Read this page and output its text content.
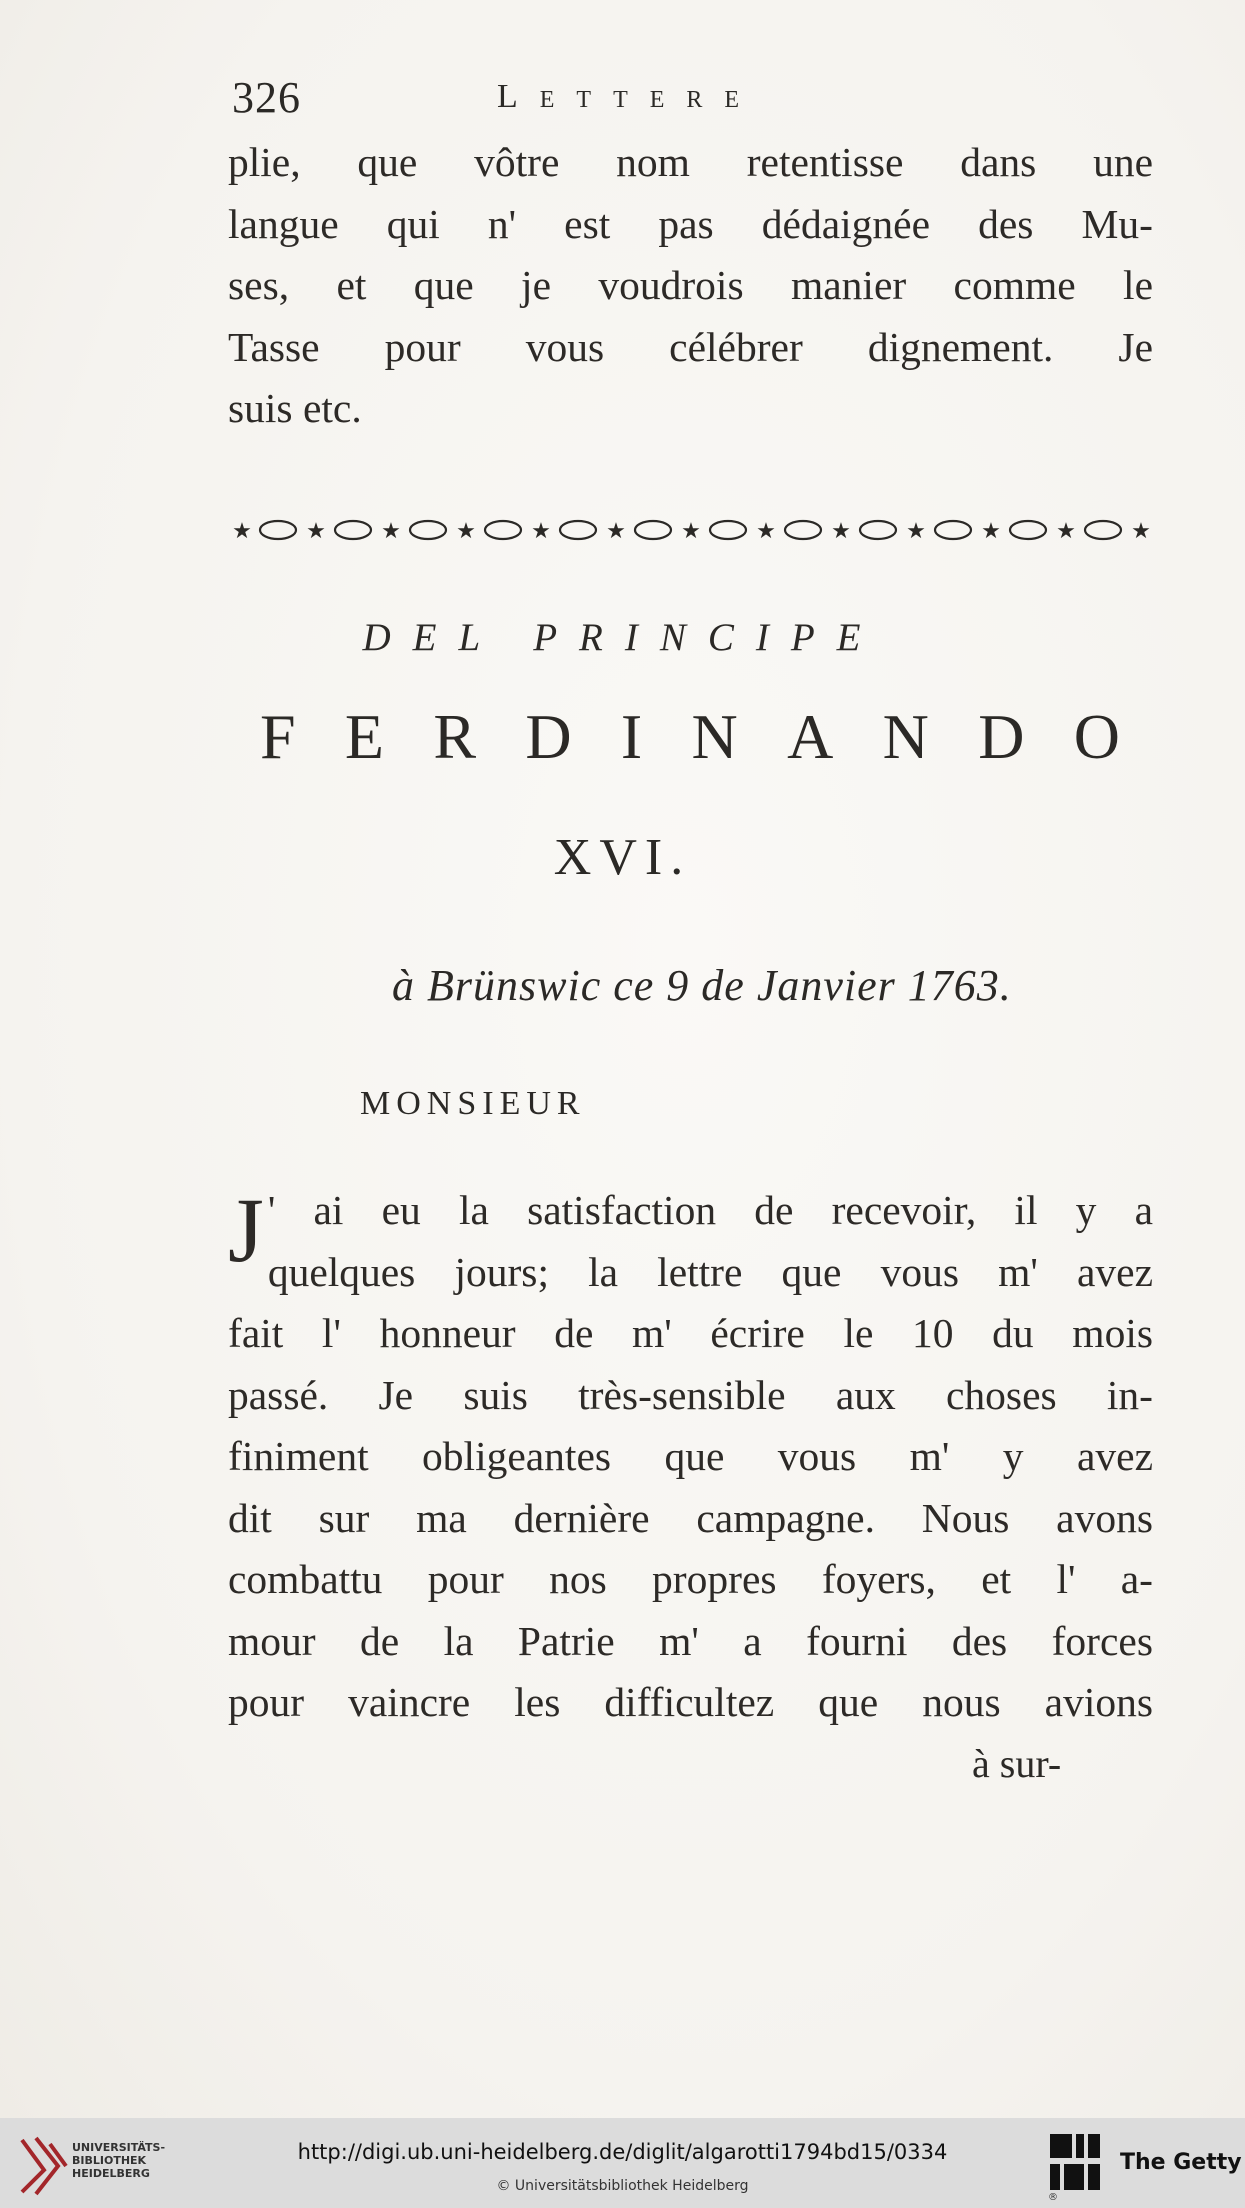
326	Lettere
plie, que vôtre nom retentisse dans une
langue qui n' est pas dédaignée des Mu-
ses, et que je voudrois manier comme le
Tasse pour vous célébrer dignement. Je
suis etc.
★ ★	★	★	★	★	★	★	★	★	★	★	★
DEL PRINCIPE
F E R D I N A N D O
XVI.
à Brünswic ce 9 de Janvier 1763.
MONSIEUR
J ' ai eu la satisfaction de recevoir, il y a
quelques jours; la lettre que vous m' avez
fait l' honneur de m' écrire le 10 du mois
passé. Je suis très-sensible aux choses in-
finiment obligeantes que vous m' y avez
dit sur ma dernière campagne. Nous avons
combattu pour nos propres foyers, et l' a-
mour de la Patrie m' a fourni des forces
pour vaincre les difficultez que nous avions
à sur-
UNIVERSITÄTS-
BIBLIOTHEK
HEIDELBERG
http://digi.ub.uni-heidelberg.de/diglit/algarotti1794bd15/0334
© Universitätsbibliothek Heidelberg
®
The Getty
